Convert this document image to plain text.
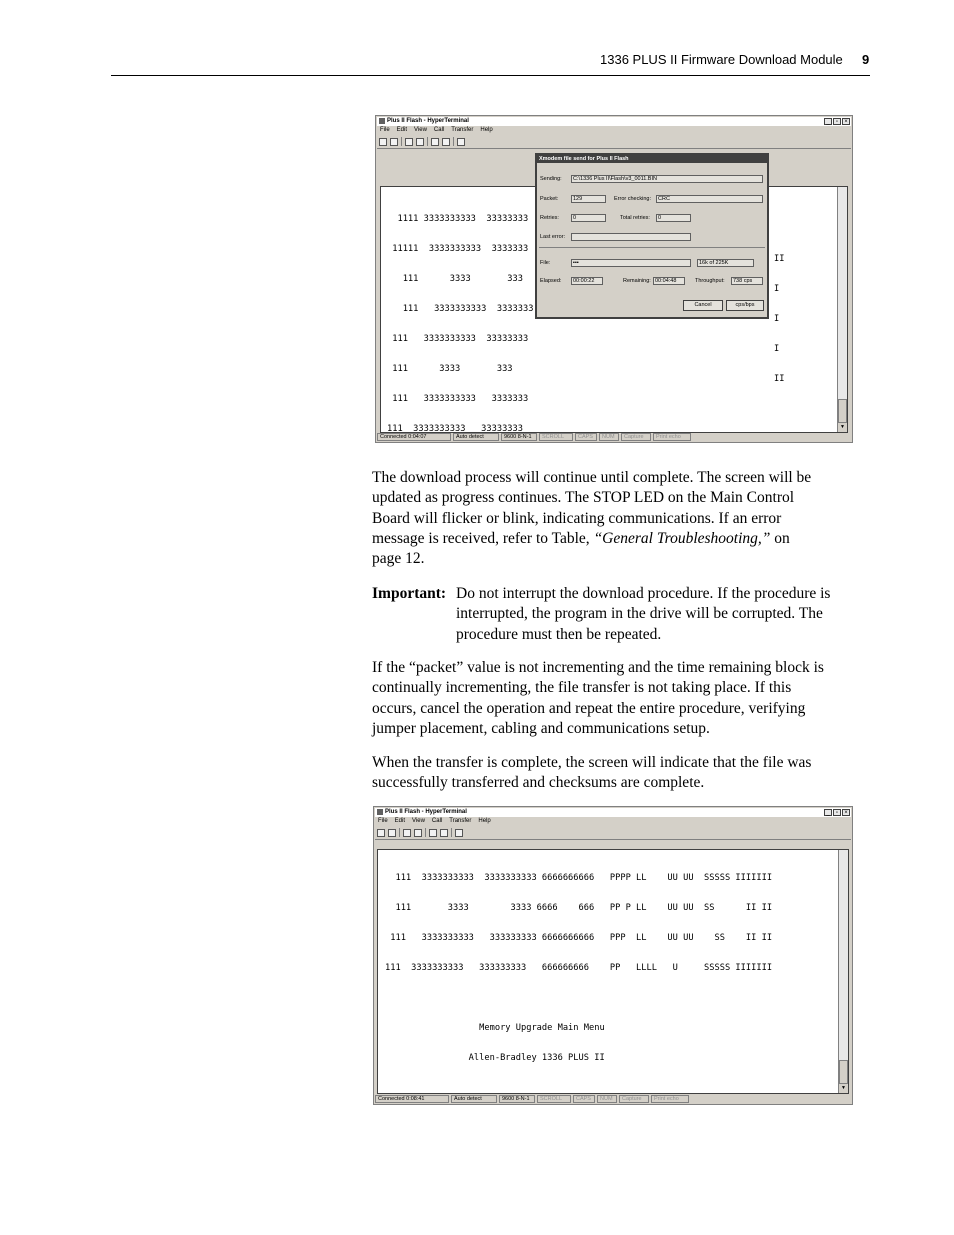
1336 PLUS II Firmware Download Module 9
Plus II Flash - HyperTerminal	_	▫	×
File Edit View Call Transfer Help

1111 3333333333  33333333

11111  3333333333  3333333

111      3333       333

111   3333333333  3333333

111   3333333333  33333333

111      3333       333

111   3333333333   3333333

111  3333333333   33333333

II

I

I

I

II

▼
Xmodem file send for Plus II Flash
Sending:	C:\1336 Plus II\Flash\v3_0011.BIN
Packet:	129	Error checking:	CRC
Retries:	0	Total retries:	0
Last error:
File:	▪▪▪	16k of 225K
Elapsed:	00:00:22	Remaining: 00:04:48	Throughput:	738 cps
Cancel	cps/bps
Connected 0:04:07	Auto detect	9600 8-N-1	SCROLL	CAPS	NUM	Capture	Print echo
The download process will continue until complete. The screen will be
updated as progress continues. The STOP LED on the Main Control
Board will flicker or blink, indicating communications. If an error
message is received, refer to Table, “General Troubleshooting,” on
page 12.
Important: Do not interrupt the download procedure. If the procedure is
interrupted, the program in the drive will be corrupted. The
procedure must then be repeated.
If the “packet” value is not incrementing and the time remaining block is
continually incrementing, the file transfer is not taking place. If this
occurs, cancel the operation and repeat the entire procedure, verifying
jumper placement, cabling and communications setup.
When the transfer is complete, the screen will indicate that the file was
successfully transferred and checksums are complete.
Plus II Flash - HyperTerminal	_	▫	×
File Edit View Call Transfer Help

111  3333333333  3333333333 6666666666   PPPP LL    UU UU  SSSSS IIIIIII

111       3333        3333 6666    666   PP P LL    UU UU  SS      II II

111   3333333333   333333333 6666666666   PPP  LL    UU UU    SS    II II

111  3333333333   333333333   666666666    PP   LLLL   U     SSSSS IIIIIII

Memory Upgrade Main Menu

Allen-Bradley 1336 PLUS II

▼
Connected 0:08:41	Auto detect	9600 8-N-1	SCROLL	CAPS	NUM	Capture	Print echo
